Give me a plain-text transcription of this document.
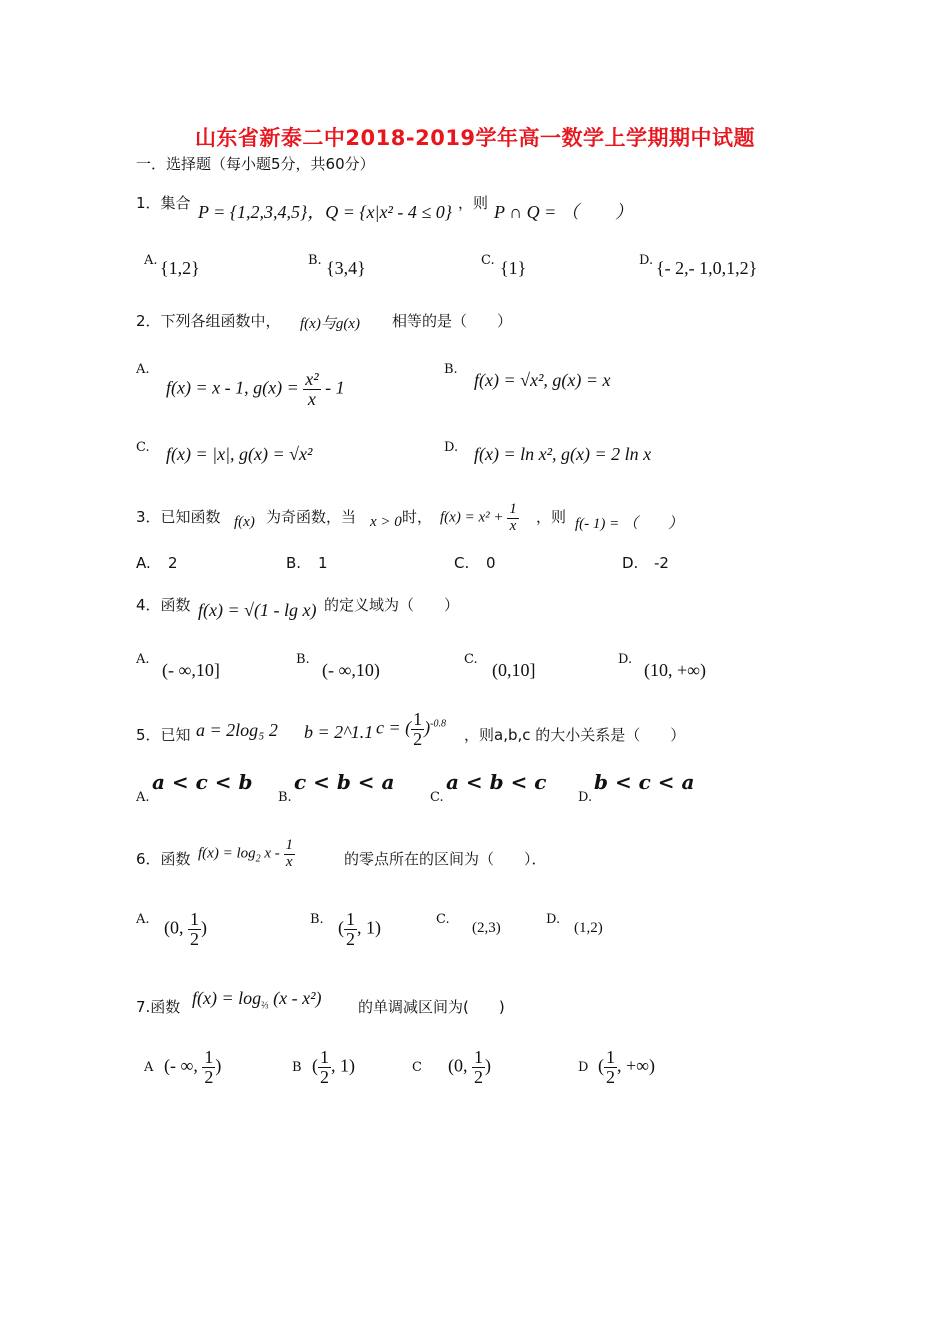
山东省新泰二中2018-2019学年高一数学上学期期中试题
一．选择题（每小题5分，共60分）
1．集合 P = {1,2,3,4,5}，Q = {x|x² - 4 ≤ 0} ，则 P ∩ Q = （　　）
A. {1,2}	B. {3,4}	C. {1}	D. {- 2,- 1,0,1,2}
2．下列各组函数中， f(x)与g(x) 相等的是（　　）
A.
f(x) = x - 1, $g(x) = \frac{\text{x²}}{x} - 1$
B.
f(x) = √x², g(x) = x
C. f(x) = |x|, g(x) = √x²	D. f(x) = ln x², g(x) = 2 ln x
3．已知函数 f(x) 为奇函数，当 x > 0 时， $f(x) = x^2 + \frac{1}{x}$ ，则 f(- 1) = （　　）
A. 2	B. 1	C. 0	D. -2
4．函数 f(x) = √(1 - lg x) 的定义域为（　　）
A.
(- ∞,10]
B.
(- ∞,10)
C.
(0,10]
D.
(10, +∞)
5．已知 a = 2log₅ 2 b = 2^1.1 c = ( $\frac{1}{2} )^{-0.8}$
，则a,b,c 的大小关系是（　　）
A.
a < c < b
B.
c < b < a
C.
a < b < c
D.
b < c < a
6．函数 $f(x) = \log_2 x - \frac{1}{x}$	的零点所在的区间为（　　）．
A. (0, $\frac{1}{2}$ )	B. ( $\frac{1}{2}$ , 1)	C.
(2,3)
D.
(1,2)
7.函数 $f(x) = \log_{\frac{2}{3}} (x - x^2)$ 的单调减区间为(　　)
A (- ∞, $\frac{1}{2}$ )	B ( $\frac{1}{2}$ , 1)	C (0, $\frac{1}{2}$ )	D ( $\frac{1}{2}$ , +∞)
